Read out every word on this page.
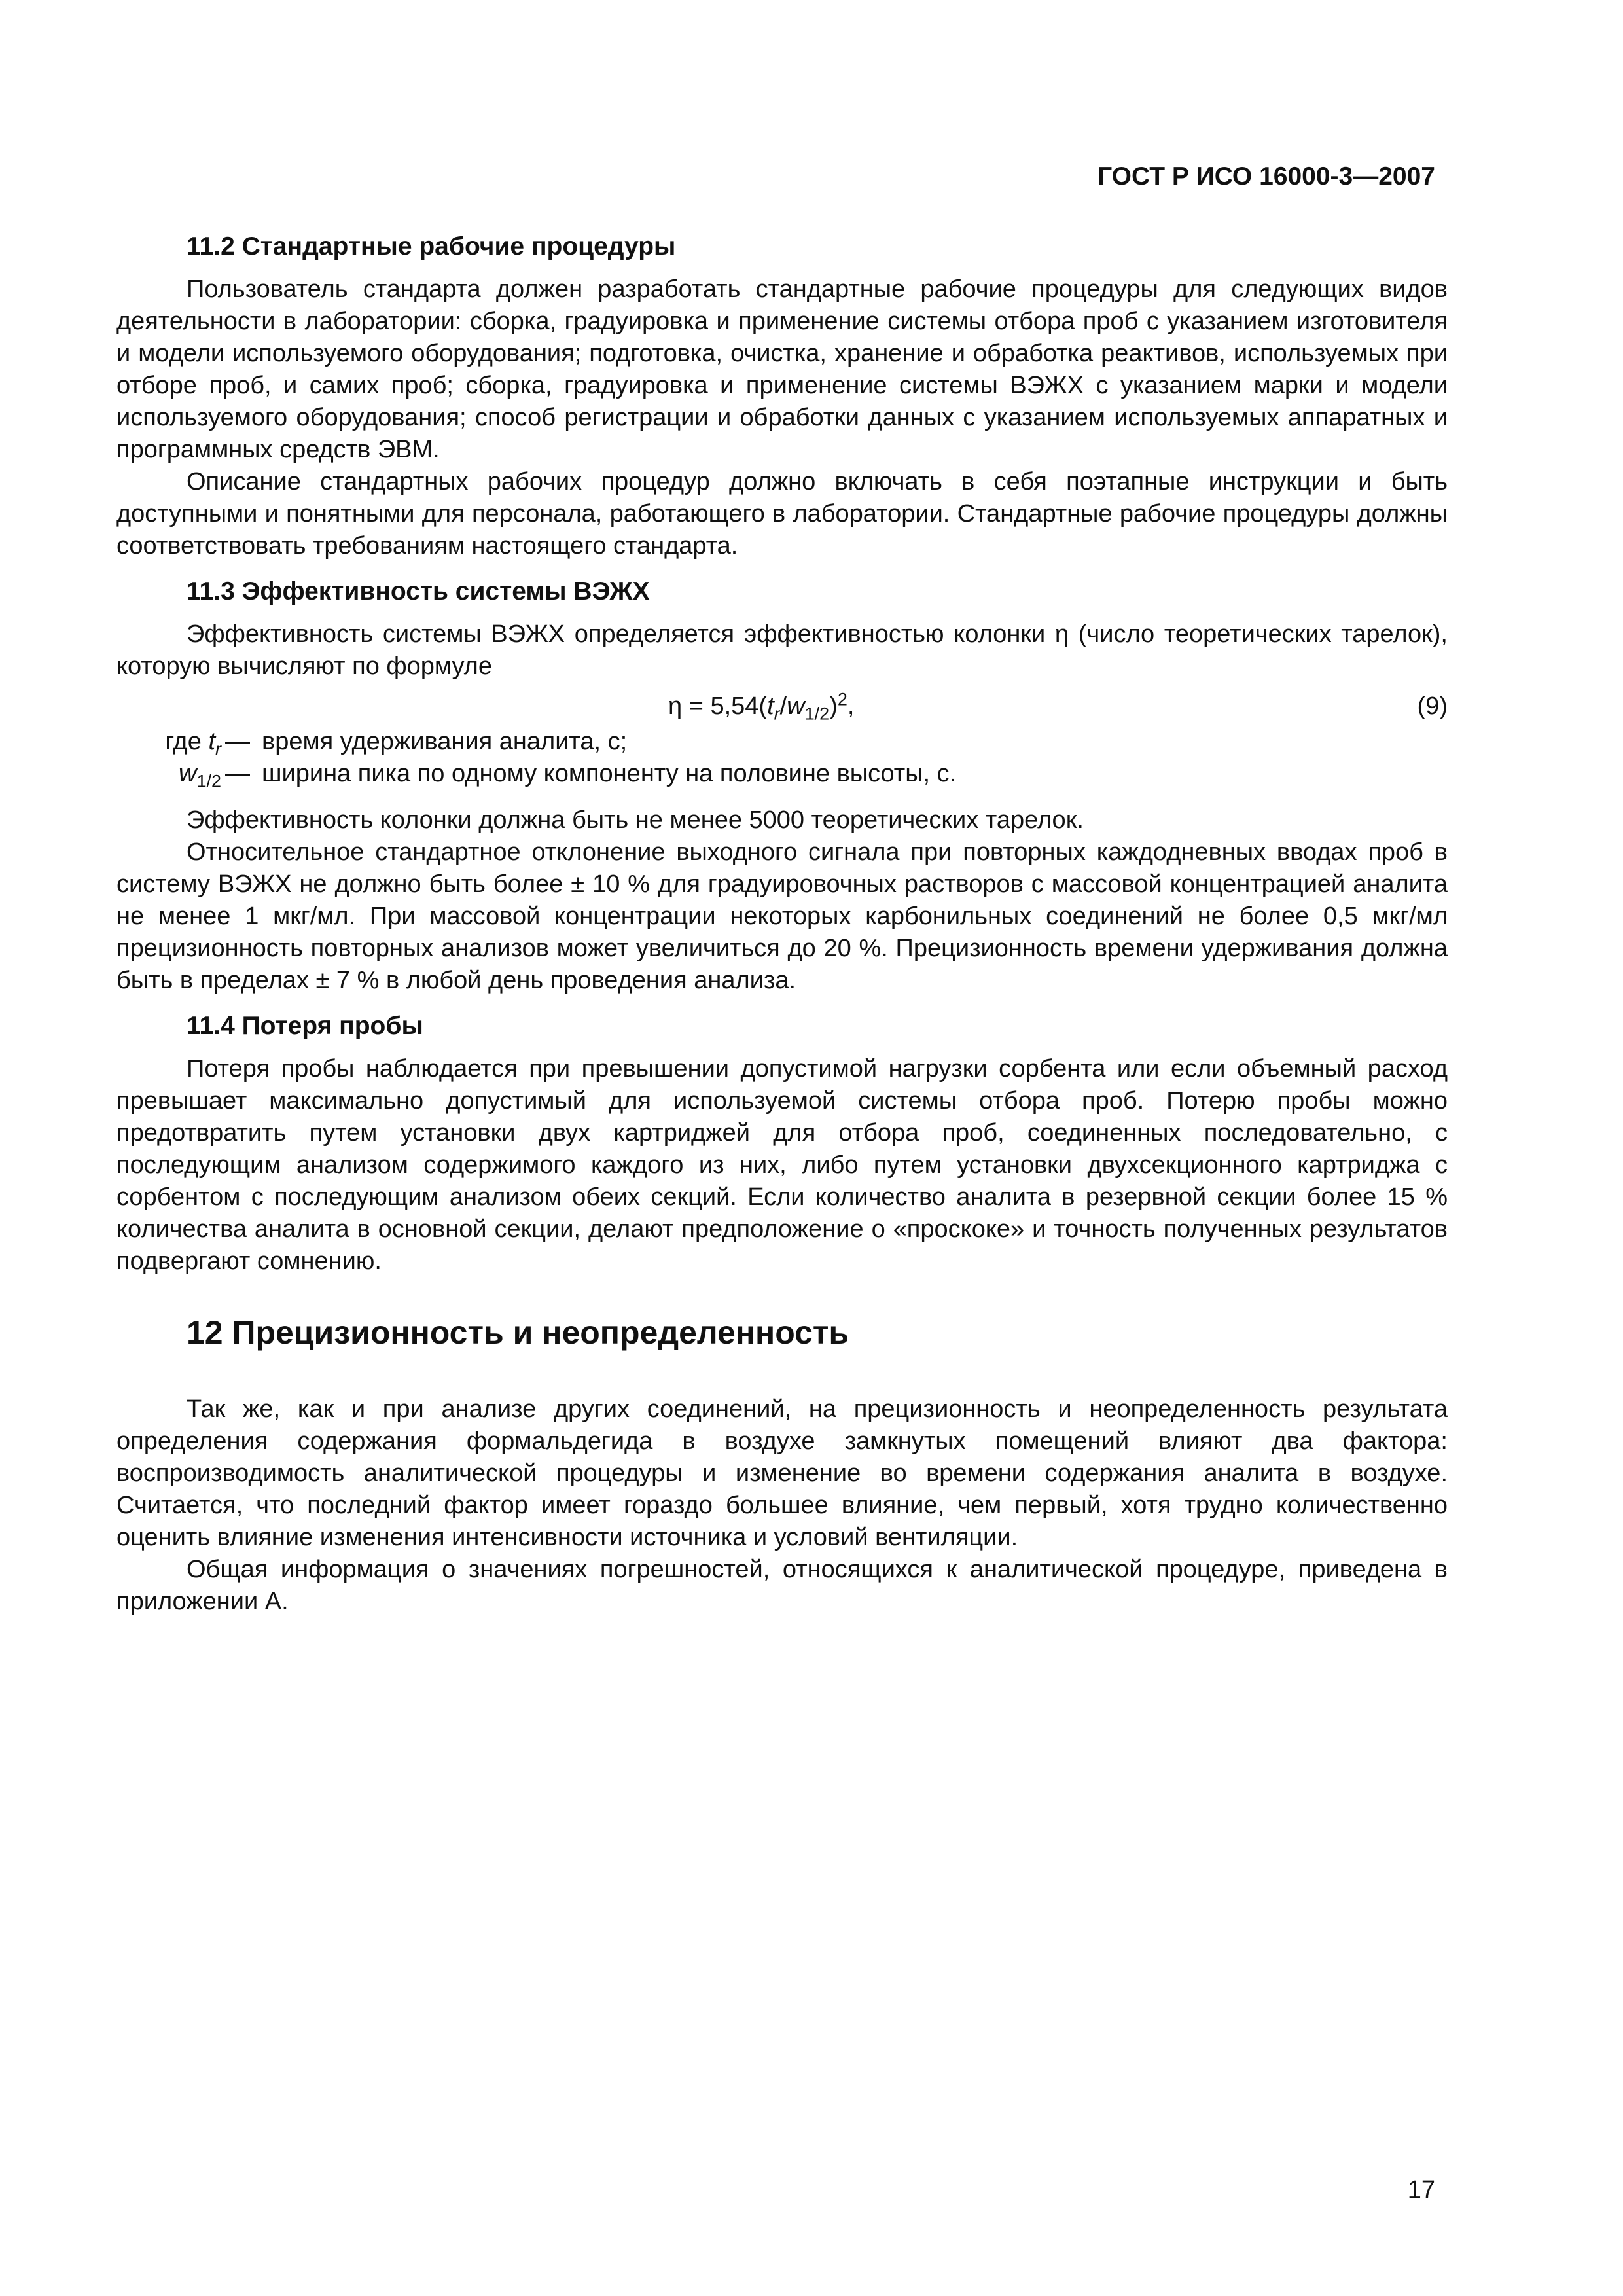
ГОСТ Р ИСО 16000-3—2007

11.2 Стандартные рабочие процедуры

Пользователь стандарта должен разработать стандартные рабочие процедуры для следующих видов деятельности в лаборатории: сборка, градуировка и применение системы отбора проб с указанием изготовителя и модели используемого оборудования; подготовка, очистка, хранение и обработка реактивов, используемых при отборе проб, и самих проб; сборка, градуировка и применение системы ВЭЖХ с указанием марки и модели используемого оборудования; способ регистрации и обработки данных с указанием используемых аппаратных и программных средств ЭВМ.

Описание стандартных рабочих процедур должно включать в себя поэтапные инструкции и быть доступными и понятными для персонала, работающего в лаборатории. Стандартные рабочие процедуры должны соответствовать требованиям настоящего стандарта.

11.3 Эффективность системы ВЭЖХ

Эффективность системы ВЭЖХ определяется эффективностью колонки η (число теоретических тарелок), которую вычисляют по формуле

$\eta = 5,54(t_r/w_{1/2})^2$,	(9)
где $t_r$ — время удерживания аналита, с;
$w_{1/2}$ — ширина пика по одному компоненту на половине высоты, с.

Эффективность колонки должна быть не менее 5000 теоретических тарелок.

Относительное стандартное отклонение выходного сигнала при повторных каждодневных вводах проб в систему ВЭЖХ не должно быть более ± 10 % для градуировочных растворов с массовой концентрацией аналита не менее 1 мкг/мл. При массовой концентрации некоторых карбонильных соединений не более 0,5 мкг/мл прецизионность повторных анализов может увеличиться до 20 %. Прецизионность времени удерживания должна быть в пределах ± 7 % в любой день проведения анализа.

11.4 Потеря пробы

Потеря пробы наблюдается при превышении допустимой нагрузки сорбента или если объемный расход превышает максимально допустимый для используемой системы отбора проб. Потерю пробы можно предотвратить путем установки двух картриджей для отбора проб, соединенных последовательно, с последующим анализом содержимого каждого из них, либо путем установки двухсекционного картриджа с сорбентом с последующим анализом обеих секций. Если количество аналита в резервной секции более 15 % количества аналита в основной секции, делают предположение о «проскоке» и точность полученных результатов подвергают сомнению.

12 Прецизионность и неопределенность

Так же, как и при анализе других соединений, на прецизионность и неопределенность результата определения содержания формальдегида в воздухе замкнутых помещений влияют два фактора: воспроизводимость аналитической процедуры и изменение во времени содержания аналита в воздухе. Считается, что последний фактор имеет гораздо большее влияние, чем первый, хотя трудно количественно оценить влияние изменения интенсивности источника и условий вентиляции.

Общая информация о значениях погрешностей, относящихся к аналитической процедуре, приведена в приложении А.

17
